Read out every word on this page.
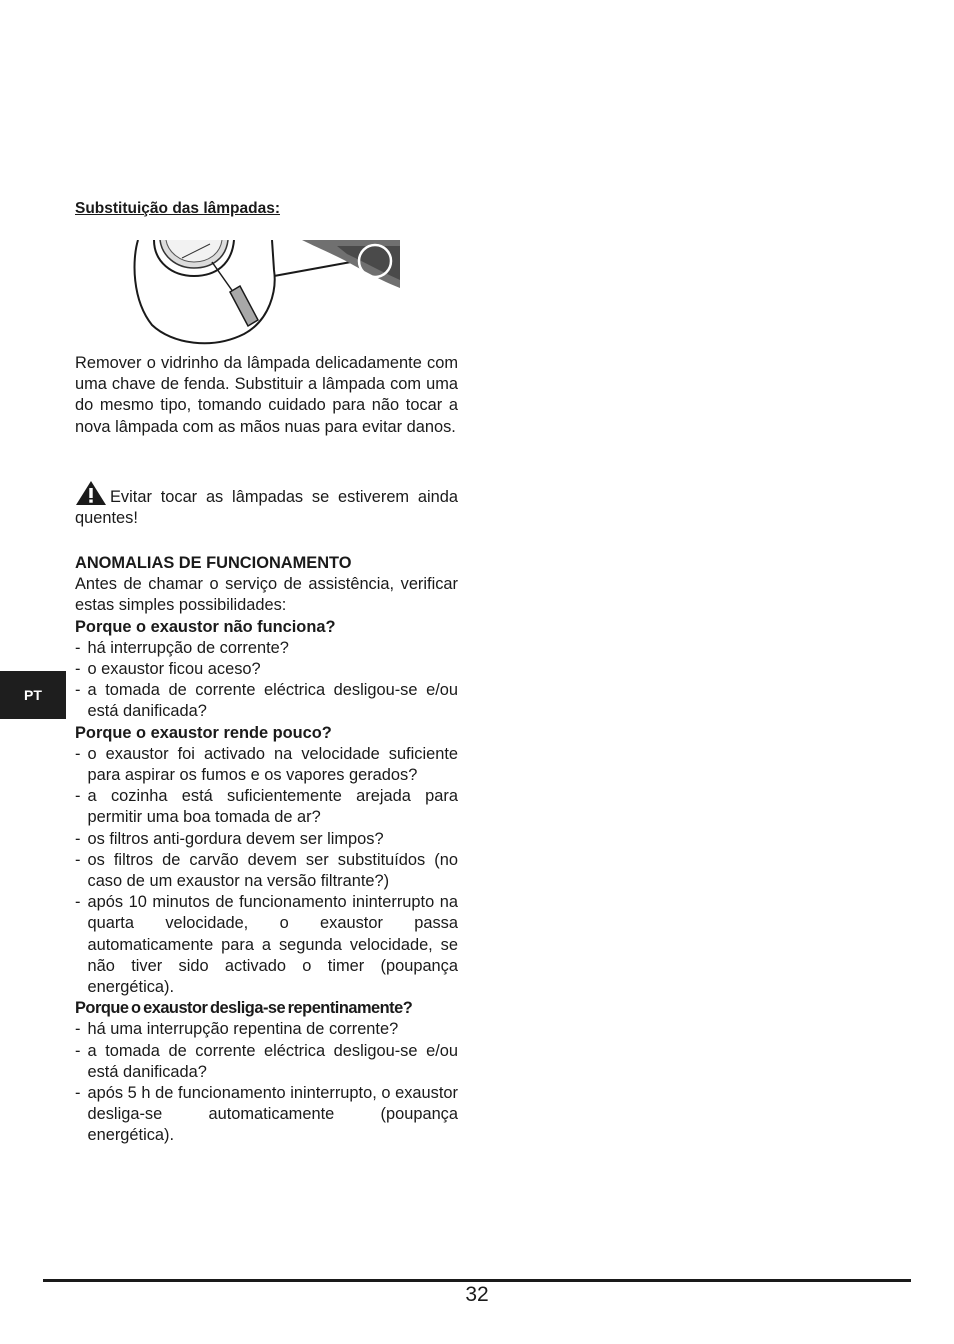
Substituição das lâmpadas:
Remover o vidrinho da lâmpada delicadamente com uma chave de fenda. Substituir a lâmpada com uma do mesmo tipo, tomando cuidado para não tocar a nova lâmpada com as mãos nuas para evitar danos.
Evitar tocar as lâmpadas se estiverem ainda quentes!
ANOMALIAS DE FUNCIONAMENTO
Antes de chamar o serviço de assistência, verificar estas simples possibilidades:
Porque o exaustor não funciona?
- há interrupção de corrente?
- o exaustor ficou aceso?
- a tomada de corrente eléctrica desligou-se e/ou está danificada?
Porque o exaustor rende pouco?
- o exaustor foi activado na velocidade suficiente para aspirar os fumos e os vapores gerados?
- a cozinha está suficientemente arejada para permitir uma boa tomada de ar?
- os filtros anti-gordura devem ser limpos?
- os filtros de carvão devem ser substituídos (no caso de um exaustor na versão filtrante?)
- após 10 minutos de funcionamento ininterrupto na quarta velocidade, o exaustor passa automaticamente para a segunda velocidade, se não tiver sido activado o timer (poupança energética).
Porque o exaustor desliga-se repentinamente?
- há uma interrupção repentina de corrente?
- a tomada de corrente eléctrica desligou-se e/ou está danificada?
- após 5 h de funcionamento ininterrupto, o exaustor desliga-se automaticamente (poupança energética).
PT
32
